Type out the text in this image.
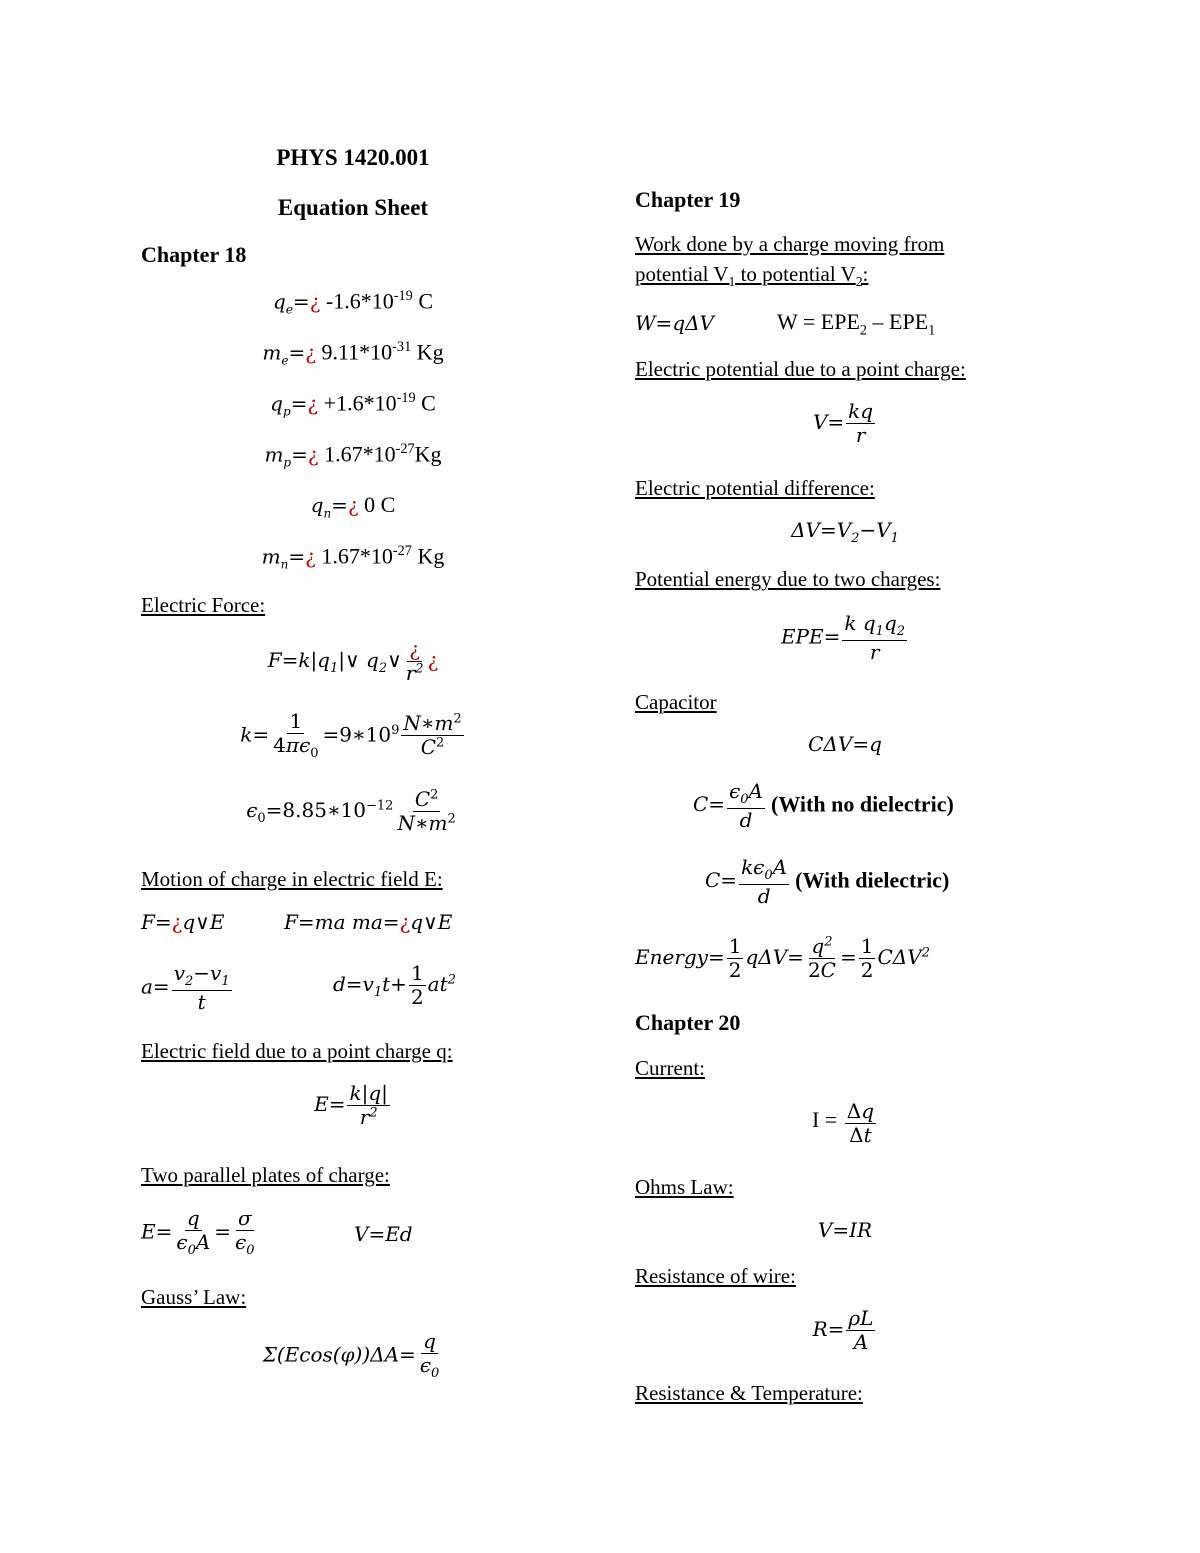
PHYS 1420.001
Equation Sheet
Chapter 18
$q_e=¿$ $-1.6*10^{-19}$ C
$m_e=¿$ $9.11*10^{-31}$ Kg
$q_p=¿ +1.6*10^{-19}$ C
$m_p=¿$ $1.67*10^{-27}Kg$
$q_n=¿$ 0 C
$m_n=¿$ $1.67*10^{-27}$ Kg
Electric Force:
$F=k|q_1|\vee$ $q_2\vee \frac{¿}{r^2}$ ¿
$k= \frac{1}{4\pi\epsilon_0}$ $=9∗10^9 \frac{N∗m^2}{C^2}$
$\epsilon_0=8.85∗10^{-12} \frac{C^2}{N∗m^2}$
Motion of charge in electric field E:
F=¿q∨E	F=ma ma=¿q∨E
$a= \frac{v_2-v_1}{t}$	$d=v_1t+ \frac{1}{2} at^2$
Electric field due to a point charge q:
$E= \frac{k|q|}{r^2}$
Two parallel plates of charge:
$E= \frac{q}{\epsilon_0A} = \frac{\sigma}{\epsilon_0}$	V=Ed
Gauss’ Law:
$\Sigma(Ecos(\varphi))\Delta A= \frac{q}{\epsilon_0}$
Chapter 19
Work done by a charge moving from
potential $V_1$ to potential $V_2$:
W=qΔV	$W = EPE_2 - EPE_1$
Electric potential due to a point charge:
$V= \frac{kq}{r}$
Electric potential difference:
$\Delta V=V_2-V_1$
Potential energy due to two charges:
$EPE= \frac{k q_1q_2}{r}$
Capacitor
CΔV=q
$C= \frac{\epsilon_0A}{d}$ (With no dielectric)
$C= \frac{k\epsilon_0A}{d}$ (With dielectric)
Energy= $\frac{1}{2} q\Delta V= \frac{q^2}{2C} = \frac{1}{2} C\Delta V^2$
Chapter 20
Current:
$I = \frac{\Delta q}{\Delta t}$
Ohms Law:
V=IR
Resistance of wire:
$R= \frac{\rho L}{A}$
Resistance & Temperature:
